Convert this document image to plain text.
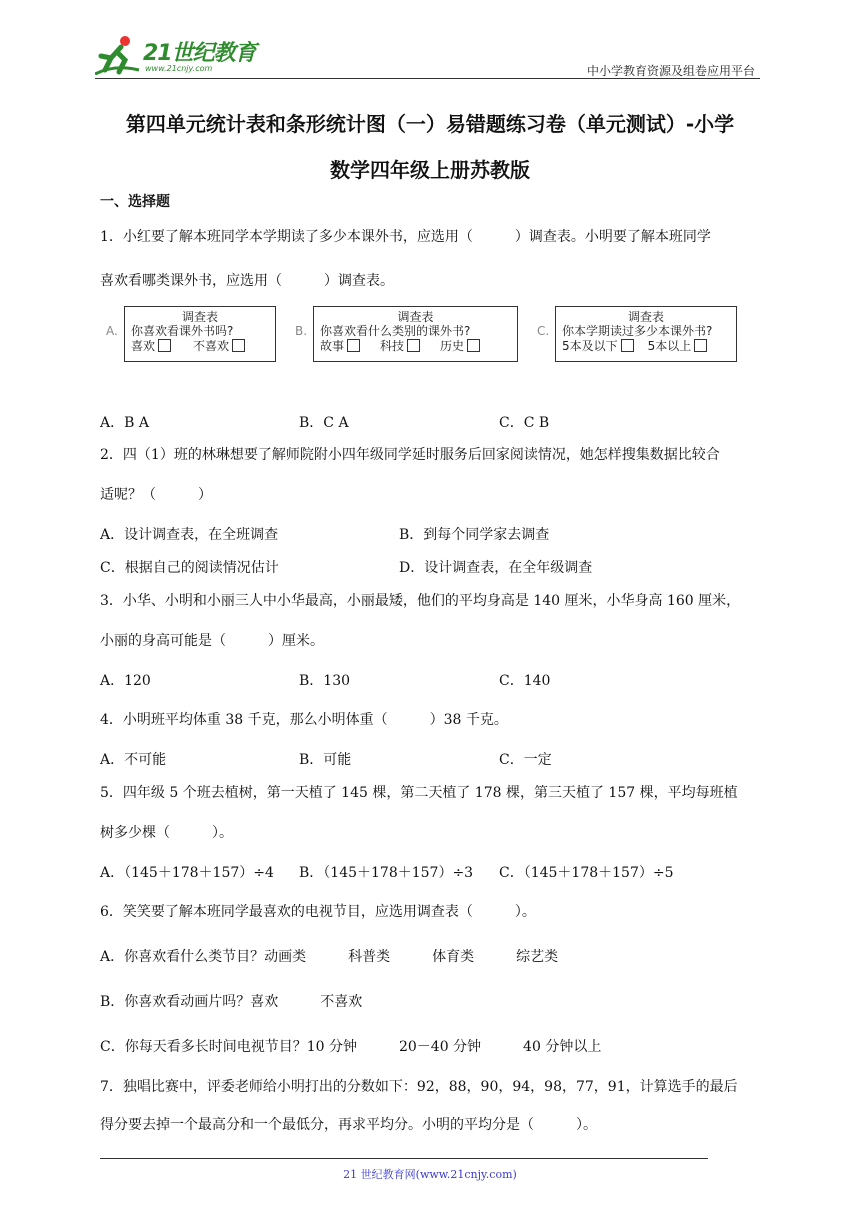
21世纪教育
www.21cnjy.com	中小学教育资源及组卷应用平台
第四单元统计表和条形统计图（一）易错题练习卷（单元测试）-小学
数学四年级上册苏教版
一、选择题
1．小红要了解本班同学本学期读了多少本课外书，应选用（　　　）调查表。小明要了解本班同学
喜欢看哪类课外书，应选用（　　　）调查表。
A.
调查表
你喜欢看课外书吗?
喜欢	不喜欢
B.
调查表
你喜欢看什么类别的课外书?
故事	科技	历史
C.
调查表
你本学期读过多少本课外书?
5本及以下	5本以上
A．B A	B．C A	C．C B
2．四（1）班的林琳想要了解师院附小四年级同学延时服务后回家阅读情况，她怎样搜集数据比较合
适呢？（　　　）
A．设计调查表，在全班调查	B．到每个同学家去调查
C．根据自己的阅读情况估计	D．设计调查表，在全年级调查
3．小华、小明和小丽三人中小华最高，小丽最矮，他们的平均身高是 140 厘米，小华身高 160 厘米，
小丽的身高可能是（　　　）厘米。
A．120	B．130	C．140
4．小明班平均体重 38 千克，那么小明体重（　　　）38 千克。
A．不可能	B．可能	C．一定
5．四年级 5 个班去植树，第一天植了 145 棵，第二天植了 178 棵，第三天植了 157 棵，平均每班植
树多少棵（　　　）。
A．（145＋178＋157）÷4 B．（145＋178＋157）÷3 C．（145＋178＋157）÷5
6．笑笑要了解本班同学最喜欢的电视节目，应选用调查表（　　　）。
A．你喜欢看什么类节目？动画类　　　科普类　　　体育类　　　综艺类
B．你喜欢看动画片吗？喜欢　　　不喜欢
C．你每天看多长时间电视节目？10 分钟　　　20－40 分钟　　　40 分钟以上
7．独唱比赛中，评委老师给小明打出的分数如下：92，88，90，94，98，77，91，计算选手的最后
得分要去掉一个最高分和一个最低分，再求平均分。小明的平均分是（　　　）。
21 世纪教育网(www.21cnjy.com)
